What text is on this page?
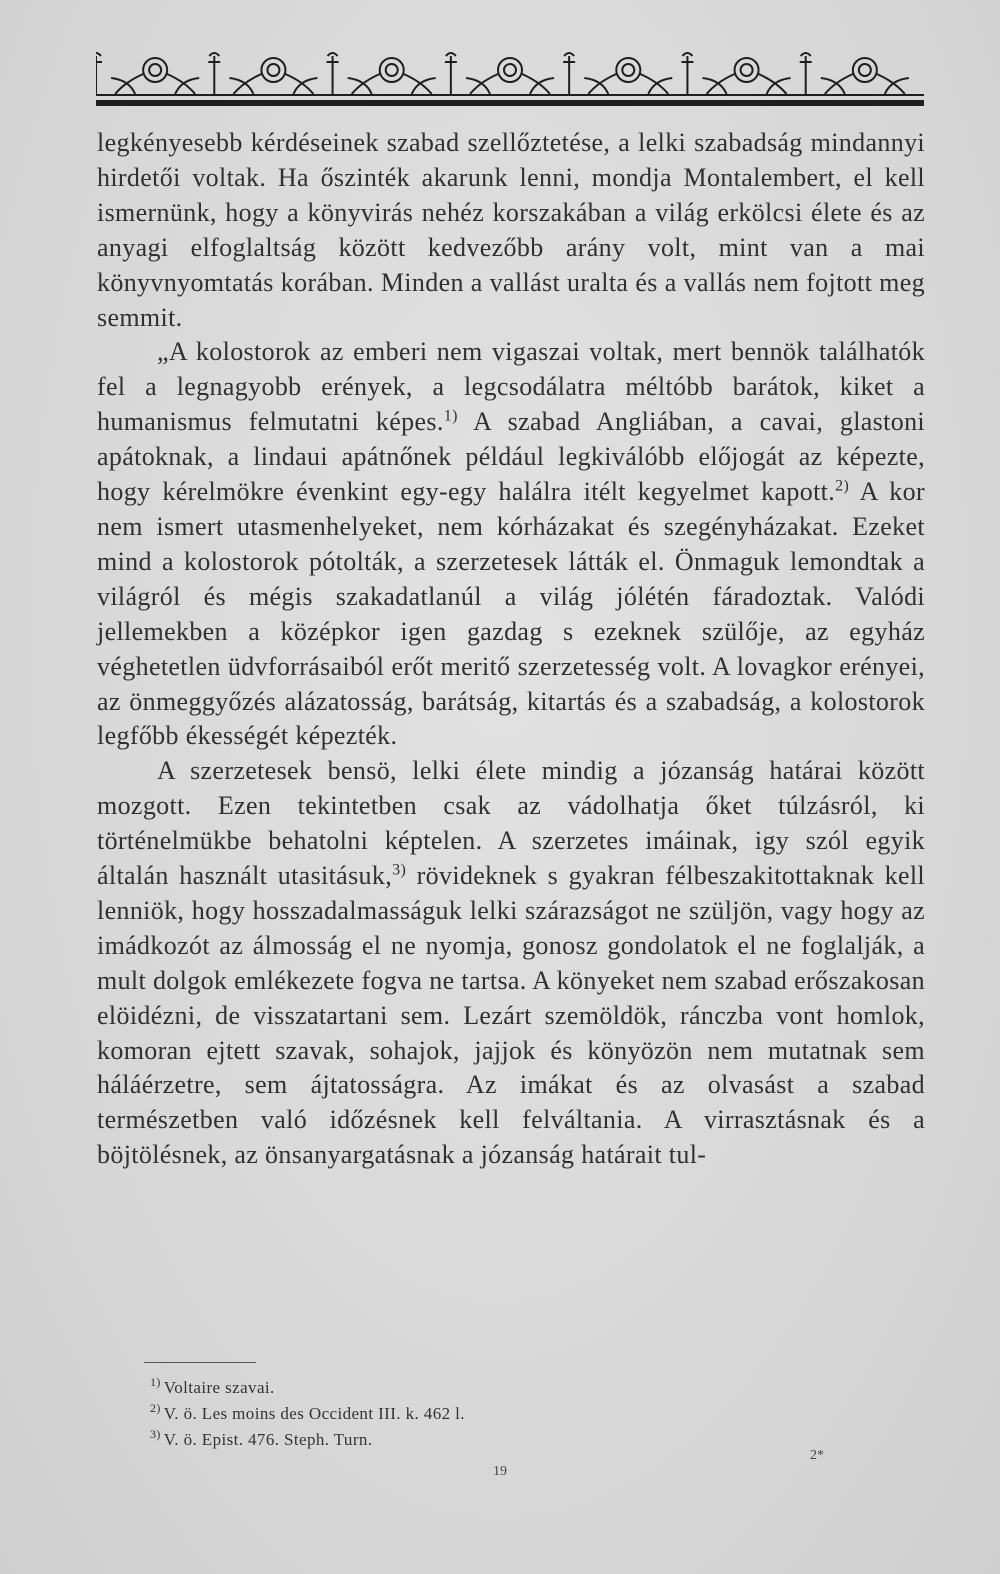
legkényesebb kérdéseinek szabad szellőztetése, a lelki szabadság mindannyi hirdetői voltak. Ha őszinték akarunk lenni, mondja Montalembert, el kell ismernünk, hogy a könyvirás nehéz korszakában a világ erkölcsi élete és az anyagi elfoglaltság között kedvezőbb arány volt, mint van a mai könyvnyomtatás korában. Minden a vallást uralta és a vallás nem fojtott meg semmit.

„A kolostorok az emberi nem vigaszai voltak, mert bennök találhatók fel a legnagyobb erények, a legcsodálatra méltóbb barátok, kiket a humanismus felmutatni képes.$^{1)}$ A szabad Angliában, a cavai, glastoni apátoknak, a lindaui apátnőnek például legkiválóbb előjogát az képezte, hogy kérelmökre évenkint egy-egy halálra itélt kegyelmet kapott.$^{2)}$ A kor nem ismert utasmenhelyeket, nem kórházakat és szegényházakat. Ezeket mind a kolostorok pótolták, a szerzetesek látták el. Önmaguk lemondtak a világról és mégis szakadatlanúl a világ jólétén fáradoztak. Valódi jellemekben a középkor igen gazdag s ezeknek szülője, az egyház véghetetlen üdvforrásaiból erőt meritő szerzetesség volt. A lovagkor erényei, az önmeggyőzés alázatosság, barátság, kitartás és a szabadság, a kolostorok legfőbb ékességét képezték.

A szerzetesek bensö, lelki élete mindig a józanság határai között mozgott. Ezen tekintetben csak az vádolhatja őket túlzásról, ki történelmükbe behatolni képtelen. A szerzetes imáinak, igy szól egyik általán használt utasitásuk,$^{3)}$ rövideknek s gyakran félbeszakitottaknak kell lenniök, hogy hosszadalmasságuk lelki szárazságot ne szüljön, vagy hogy az imádkozót az álmosság el ne nyomja, gonosz gondolatok el ne foglalják, a mult dolgok emlékezete fogva ne tartsa. A könyeket nem szabad erőszakosan elöidézni, de visszatartani sem. Lezárt szemöldök, ránczba vont homlok, komoran ejtett szavak, sohajok, jajjok és könyözön nem mutatnak sem háláérzetre, sem ájtatosságra. Az imákat és az olvasást a szabad természetben való időzésnek kell felváltania. A virrasztásnak és a böjtölésnek, az önsanyargatásnak a józanság határait tul-

$^{1)}$ Voltaire szavai.
$^{2)}$ V. ö. Les moins des Occident III. k. 462 l.
$^{3)}$ V. ö. Epist. 476. Steph. Turn.
19
2*
